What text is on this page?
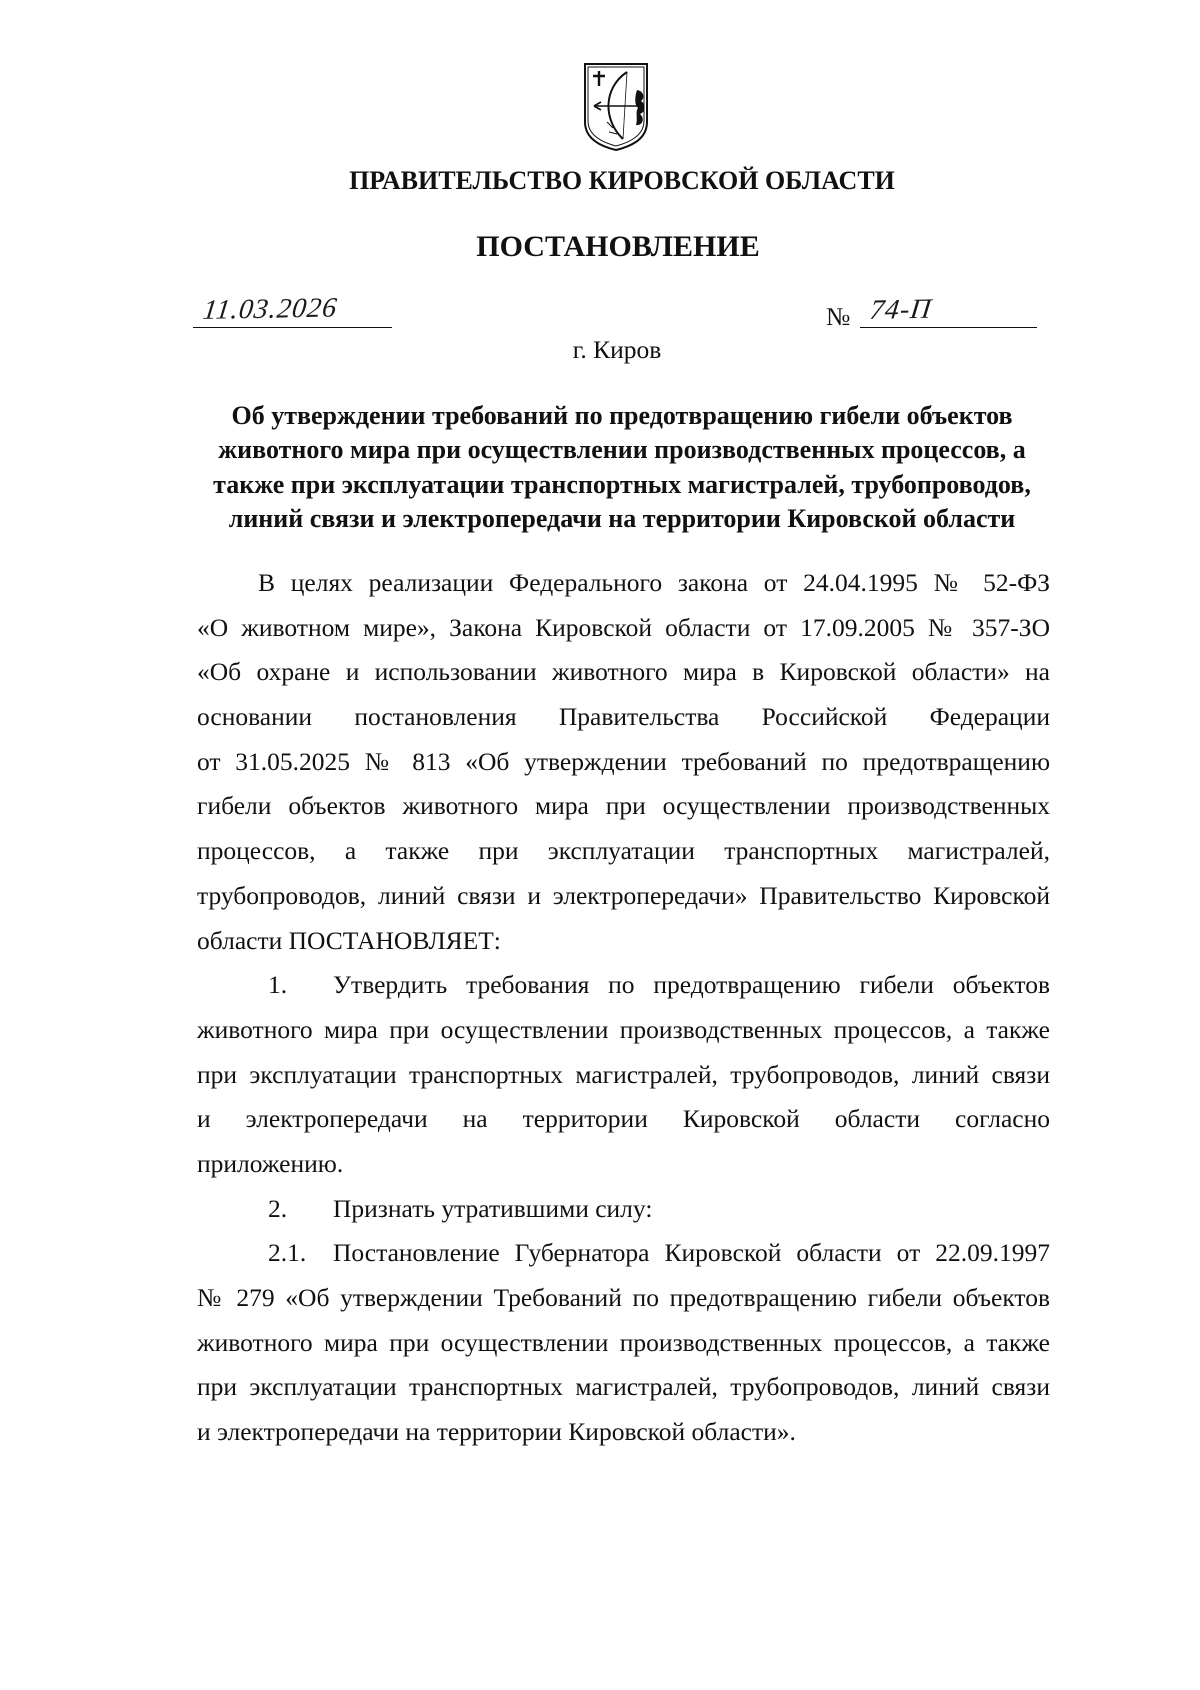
ПРАВИТЕЛЬСТВО КИРОВСКОЙ ОБЛАСТИ
ПОСТАНОВЛЕНИЕ
11.03.2026	№ 74-П
г. Киров
Об утверждении требований по предотвращению гибели объектов
животного мира при осуществлении производственных процессов, а
также при эксплуатации транспортных магистралей, трубопроводов,
линий связи и электропередачи на территории Кировской области
В целях реализации Федерального закона от 24.04.1995 № 52-ФЗ
«О животном мире», Закона Кировской области от 17.09.2005 № 357-ЗО
«Об охране и использовании животного мира в Кировской области» на
основании постановления Правительства Российской Федерации
от 31.05.2025 № 813 «Об утверждении требований по предотвращению
гибели объектов животного мира при осуществлении производственных
процессов, а также при эксплуатации транспортных магистралей,
трубопроводов, линий связи и электропередачи» Правительство Кировской
области ПОСТАНОВЛЯЕТ:
1.	Утвердить требования по предотвращению гибели объектов
животного мира при осуществлении производственных процессов, а также
при эксплуатации транспортных магистралей, трубопроводов, линий связи
и электропередачи на территории Кировской области согласно
приложению.
2.	Признать утратившими силу:
2.1.	Постановление Губернатора Кировской области от 22.09.1997
№ 279 «Об утверждении Требований по предотвращению гибели объектов
животного мира при осуществлении производственных процессов, а также
при эксплуатации транспортных магистралей, трубопроводов, линий связи
и электропередачи на территории Кировской области».
